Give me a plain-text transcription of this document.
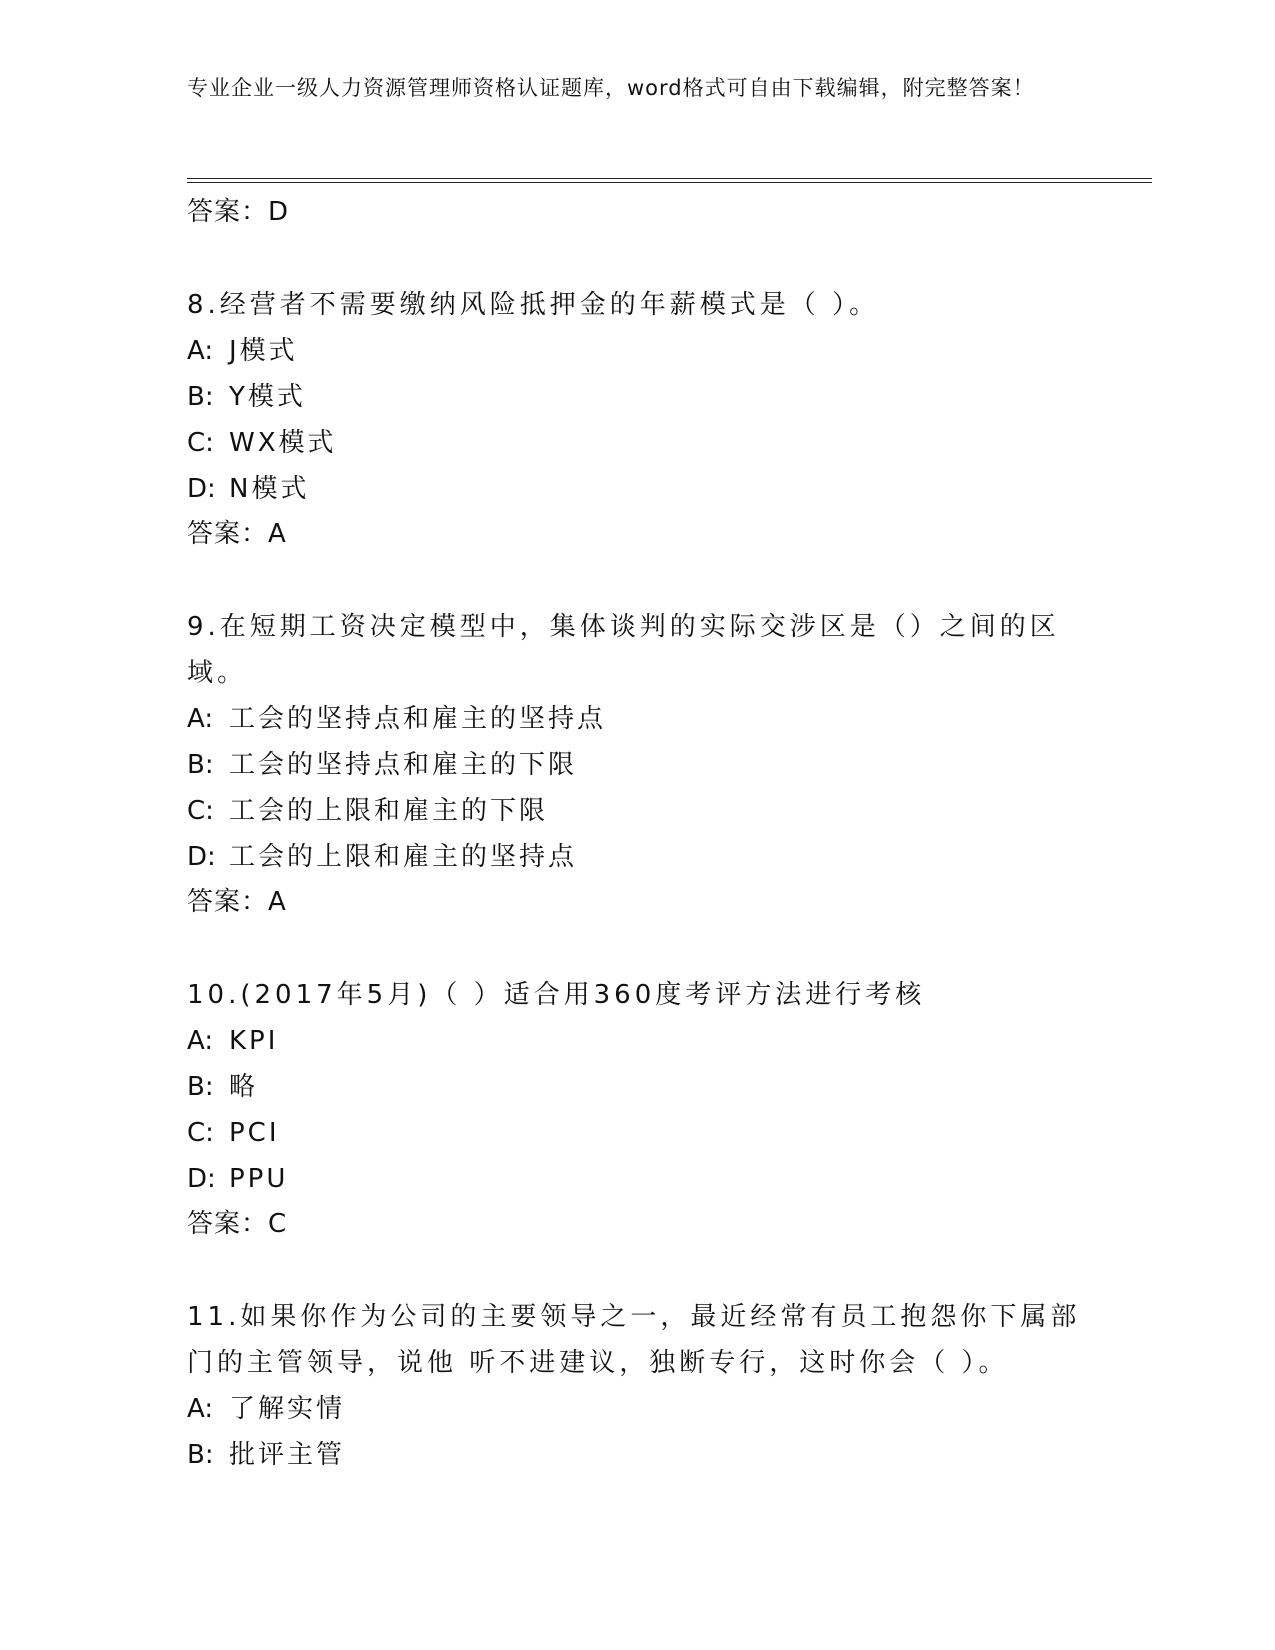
专业企业一级人力资源管理师资格认证题库，word格式可自由下载编辑，附完整答案！
答案：D
8.经营者不需要缴纳风险抵押金的年薪模式是（ ）。
A: J模式
B: Y模式
C: WX模式
D: N模式
答案：A
9.在短期工资决定模型中，集体谈判的实际交涉区是（）之间的区域。
A: 工会的坚持点和雇主的坚持点
B: 工会的坚持点和雇主的下限
C: 工会的上限和雇主的下限
D: 工会的上限和雇主的坚持点
答案：A
10.(2017年5月)（ ）适合用360度考评方法进行考核
A: KPI
B: 略
C: PCI
D: PPU
答案：C
11.如果你作为公司的主要领导之一，最近经常有员工抱怨你下属部门的主管领导，说他 听不进建议，独断专行，这时你会（ ）。
A: 了解实情
B: 批评主管
